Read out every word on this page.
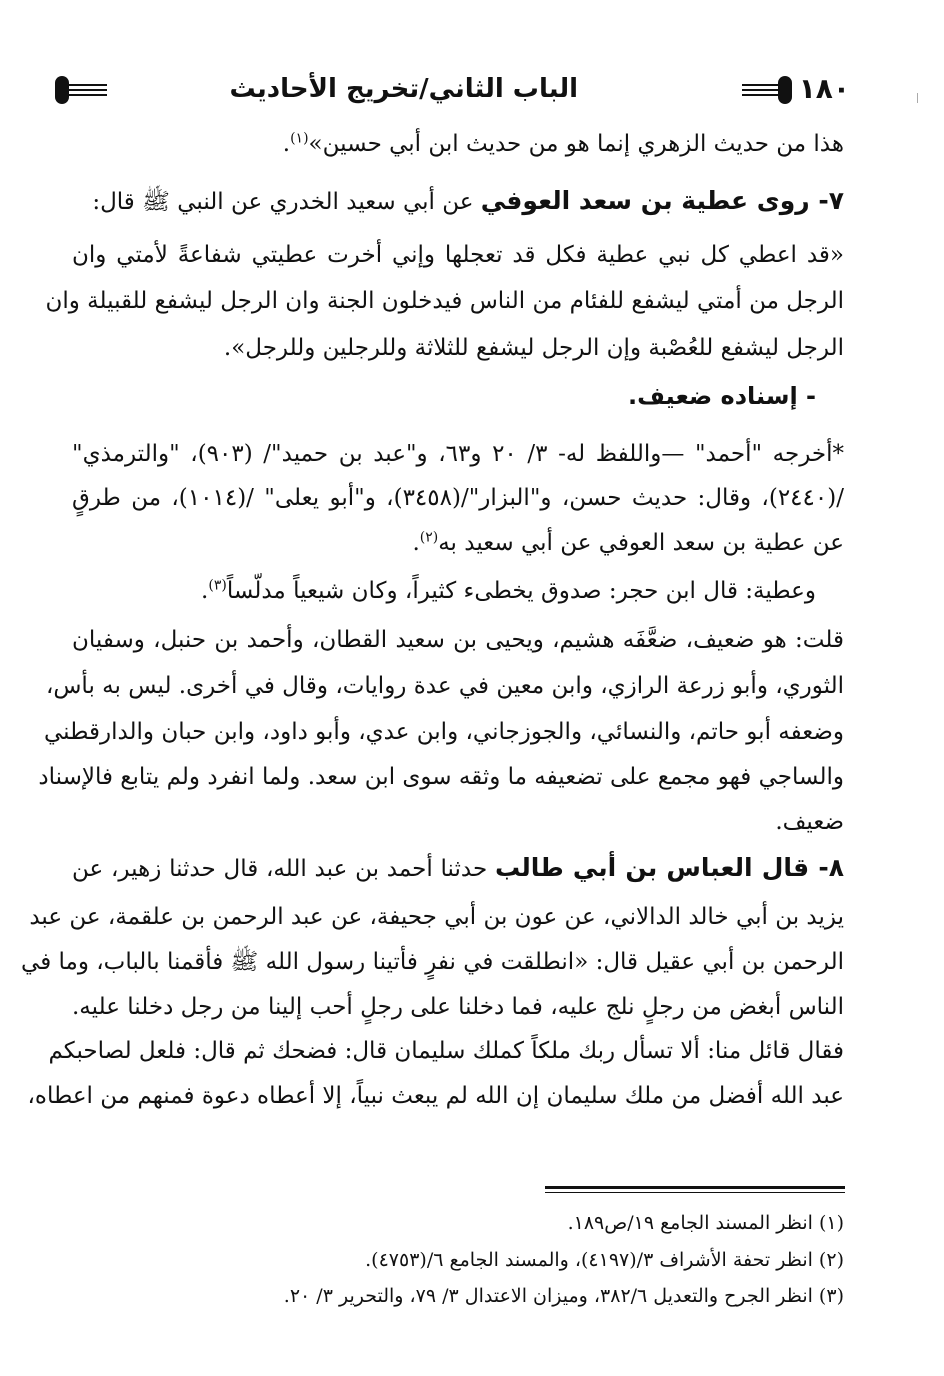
١٨٠
الباب الثاني/تخريج الأحاديث
هذا من حديث الزهري إنما هو من حديث ابن أبي حسين»$^{(١)}$.
٧- روى عطية بن سعد العوفي عن أبي سعيد الخدري عن النبي ﷺ قال:
«قد اعطي كل نبي عطية فكل قد تعجلها وإني أخرت عطيتي شفاعةً لأمتي وان
الرجل من أمتي ليشفع للفئام من الناس فيدخلون الجنة وان الرجل ليشفع للقبيلة وان
الرجل ليشفع للعُصْبة وإن الرجل ليشفع للثلاثة وللرجلين وللرجل».
- إسناده ضعيف.
*أخرجه "أحمد" —واللفظ له- ٣/ ٢٠ و٦٣، و"عبد بن حميد"/ (٩٠٣)، "والترمذي"
/(٢٤٤٠)، وقال: حديث حسن، و"البزار"/(٣٤٥٨)، و"أبو يعلى" /(١٠١٤)، من طرقٍ
عن عطية بن سعد العوفي عن أبي سعيد به$^{(٢)}$.
وعطية: قال ابن حجر: صدوق يخطىء كثيراً، وكان شيعياً مدلّساً$^{(٣)}$.
قلت: هو ضعيف، ضعَّفَه هشيم، ويحيى بن سعيد القطان، وأحمد بن حنبل، وسفيان
الثوري، وأبو زرعة الرازي، وابن معين في عدة روايات، وقال في أخرى. ليس به بأس،
وضعفه أبو حاتم، والنسائي، والجوزجاني، وابن عدي، وأبو داود، وابن حبان والدارقطني
والساجي فهو مجمع على تضعيفه ما وثقه سوى ابن سعد. ولما انفرد ولم يتابع فالإسناد
ضعيف.
٨- قال العباس بن أبي طالب حدثنا أحمد بن عبد الله، قال حدثنا زهير، عن
يزيد بن أبي خالد الدالاني، عن عون بن أبي جحيفة، عن عبد الرحمن بن علقمة، عن عبد
الرحمن بن أبي عقيل قال: «انطلقت في نفرٍ فأتينا رسول الله ﷺ فأقمنا بالباب، وما في
الناس أبغض من رجلٍ نلج عليه، فما دخلنا على رجلٍ أحب إلينا من رجل دخلنا عليه.
فقال قائل منا: ألا تسأل ربك ملكاً كملك سليمان قال: فضحك ثم قال: فلعل لصاحبكم
عبد الله أفضل من ملك سليمان إن الله لم يبعث نبياً، إلا أعطاه دعوة فمنهم من اعطاه،
(١) انظر المسند الجامع ١٩/ص١٨٩.
(٢) انظر تحفة الأشراف ٣/(٤١٩٧)، والمسند الجامع ٦/(٤٧٥٣).
(٣) انظر الجرح والتعديل ٣٨٢/٦، وميزان الاعتدال ٣/ ٧٩، والتحرير ٣/ ٢٠.
